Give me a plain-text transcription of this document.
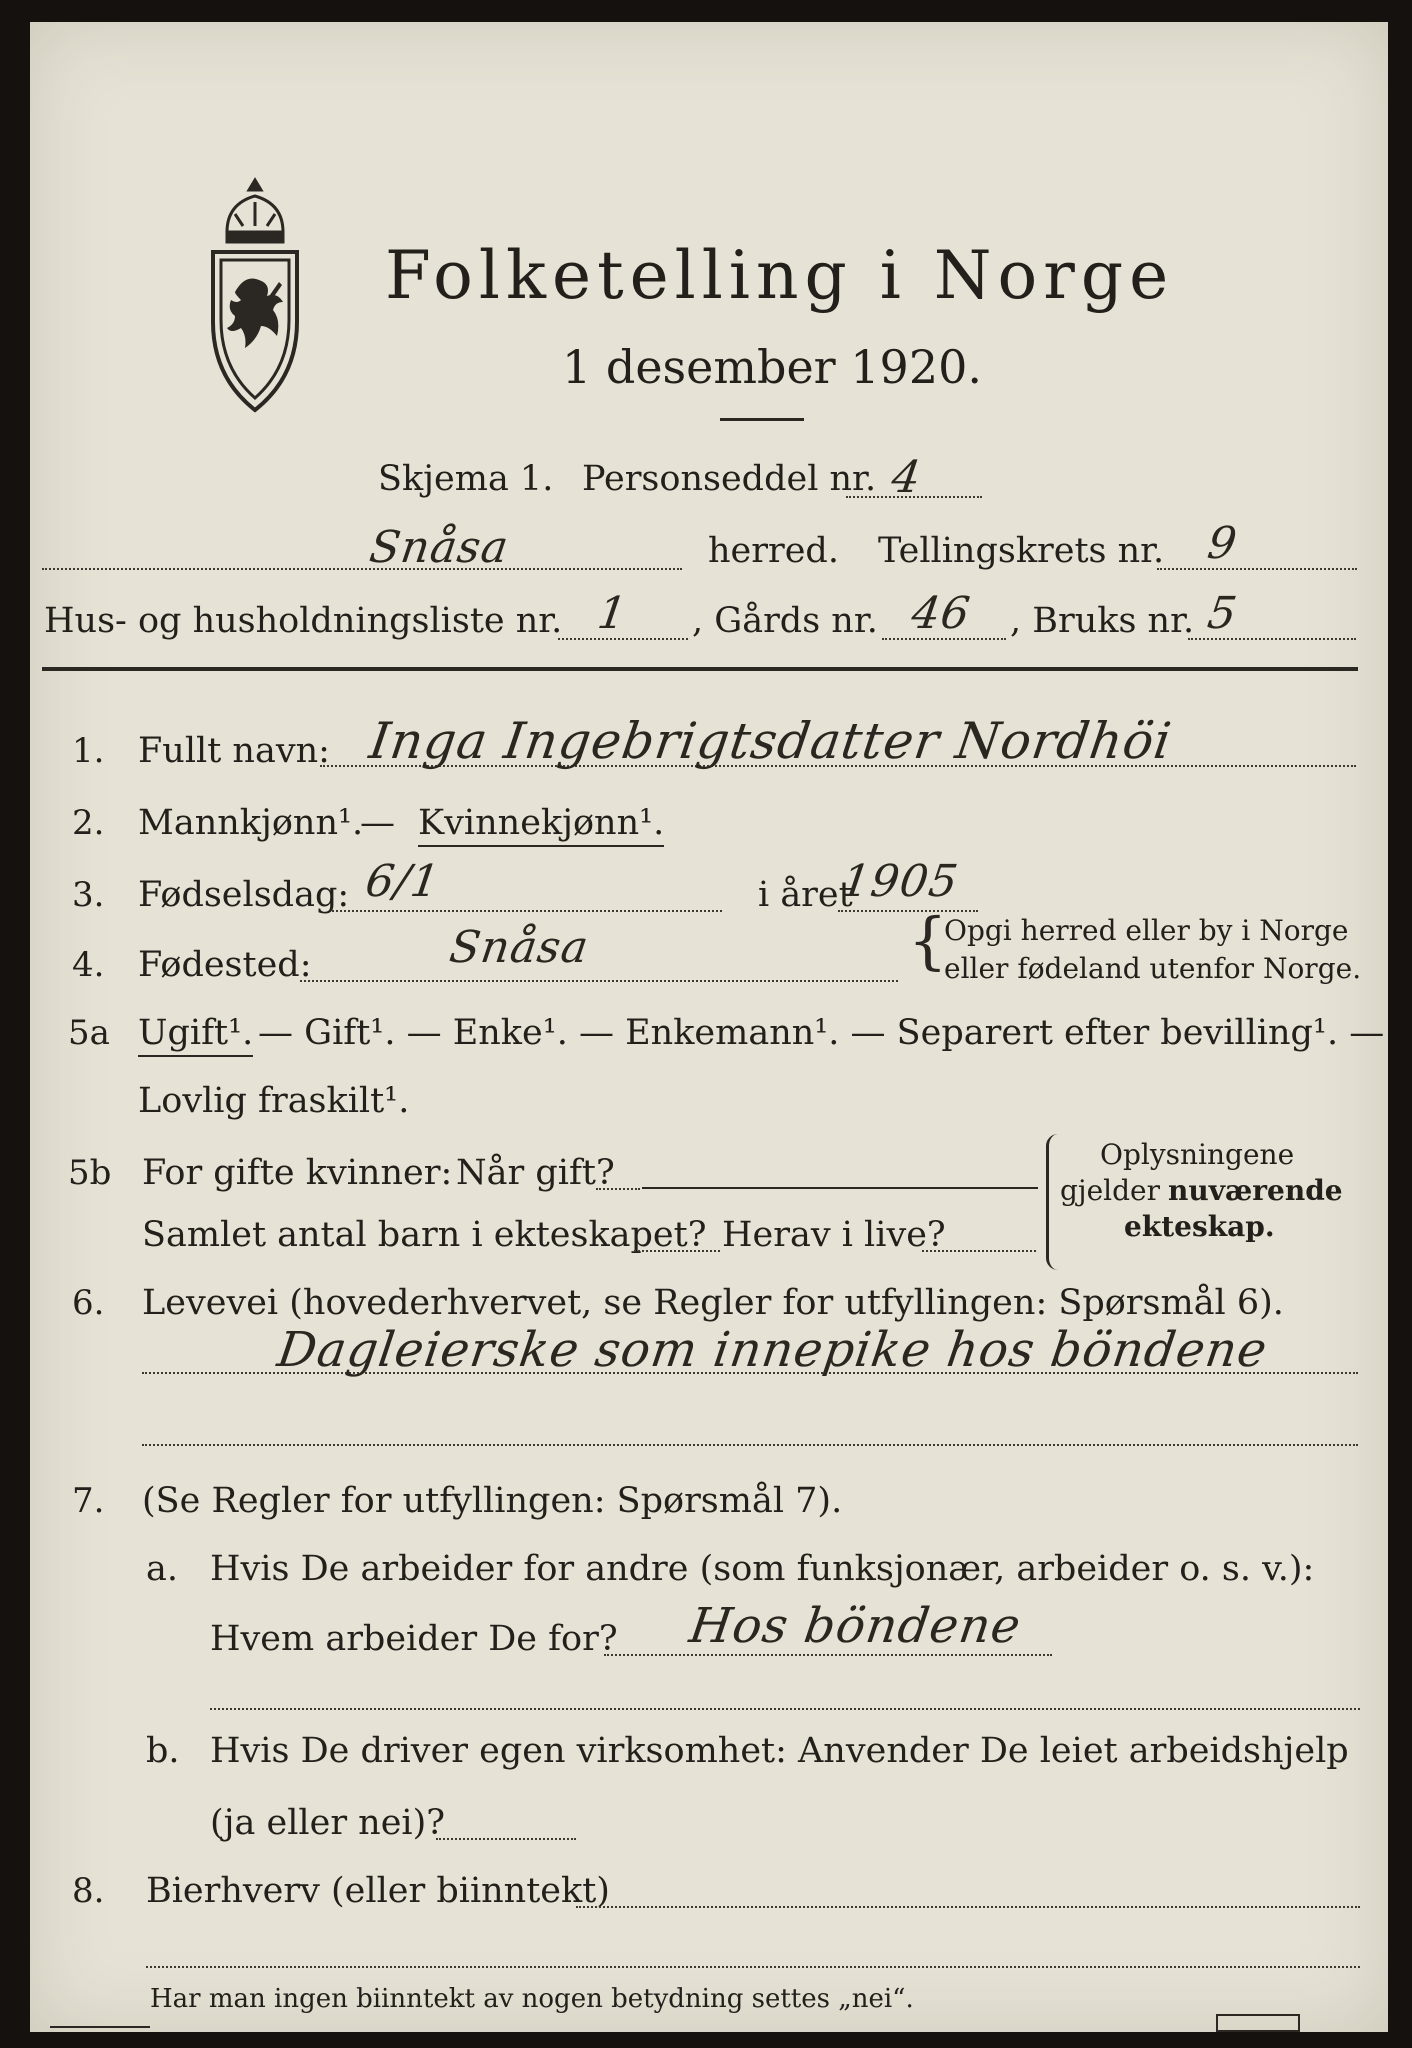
Folketelling i Norge
1 desember 1920.
Skjema 1. Personseddel nr. 4
Snåsa	herred. Tellingskrets nr. 9
Hus- og husholdningsliste nr. 1 , Gårds nr. 46 , Bruks nr. 5
1. Fullt navn: Inga Ingebrigtsdatter Nordhöi
2. Mannkjønn¹.
— Kvinnekjønn¹.
3. Fødselsdag: 6/1	i året
1905
4. Fødested:	Snåsa	{
Opgi herred eller by i Norge
eller fødeland utenfor Norge.
5a Ugift¹. — Gift¹. — Enke¹. — Enkemann¹. — Separert efter bevilling¹. —
Lovlig fraskilt¹.
5b For gifte kvinner: Når gift?
Samlet antal barn i ekteskapet? Herav i live?
Oplysningene
gjelder nuværende
ekteskap.
6. Levevei (hovederhvervet, se Regler for utfyllingen: Spørsmål 6).
Dagleierske som innepike hos böndene
7. (Se Regler for utfyllingen: Spørsmål 7).
a. Hvis De arbeider for andre (som funksjonær, arbeider o. s. v.):
Hvem arbeider De for? Hos böndene
b. Hvis De driver egen virksomhet: Anvender De leiet arbeidshjelp
(ja eller nei)?
8. Bierhverv (eller biinntekt)
Har man ingen biinntekt av nogen betydning settes „nei“.
